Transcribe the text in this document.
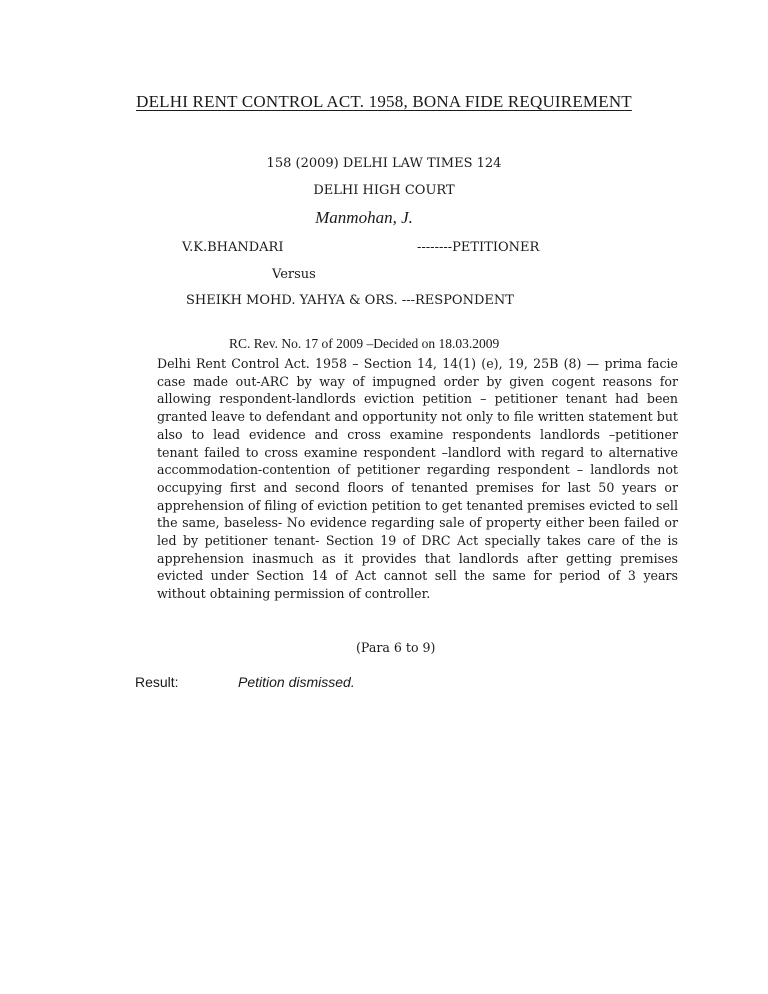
DELHI RENT CONTROL ACT. 1958, BONA FIDE REQUIREMENT
158 (2009) DELHI LAW TIMES 124
DELHI HIGH COURT
Manmohan, J.
V.K.BHANDARI	--------PETITIONER
Versus
SHEIKH MOHD. YAHYA & ORS. ---RESPONDENT
RC. Rev. No. 17 of 2009 –Decided on 18.03.2009

Delhi Rent Control Act. 1958 – Section 14, 14(1) (e), 19, 25B (8) — prima facie case made out-ARC by way of impugned order by given cogent reasons for allowing respondent-landlords eviction petition – petitioner tenant had been granted leave to defendant and opportunity not only to file written statement but also to lead evidence and cross examine respondents landlords –petitioner tenant failed to cross examine respondent –landlord with regard to alternative accommodation-contention of petitioner regarding respondent – landlords not occupying first and second floors of tenanted premises for last 50 years or apprehension of filing of eviction petition to get tenanted premises evicted to sell the same, baseless- No evidence regarding sale of property either been failed or led by petitioner tenant- Section 19 of DRC Act specially takes care of the is apprehension inasmuch as it provides that landlords after getting premises evicted under Section 14 of Act cannot sell the same for period of 3 years without obtaining permission of controller.

(Para 6 to 9)
Result:	Petition dismissed.
